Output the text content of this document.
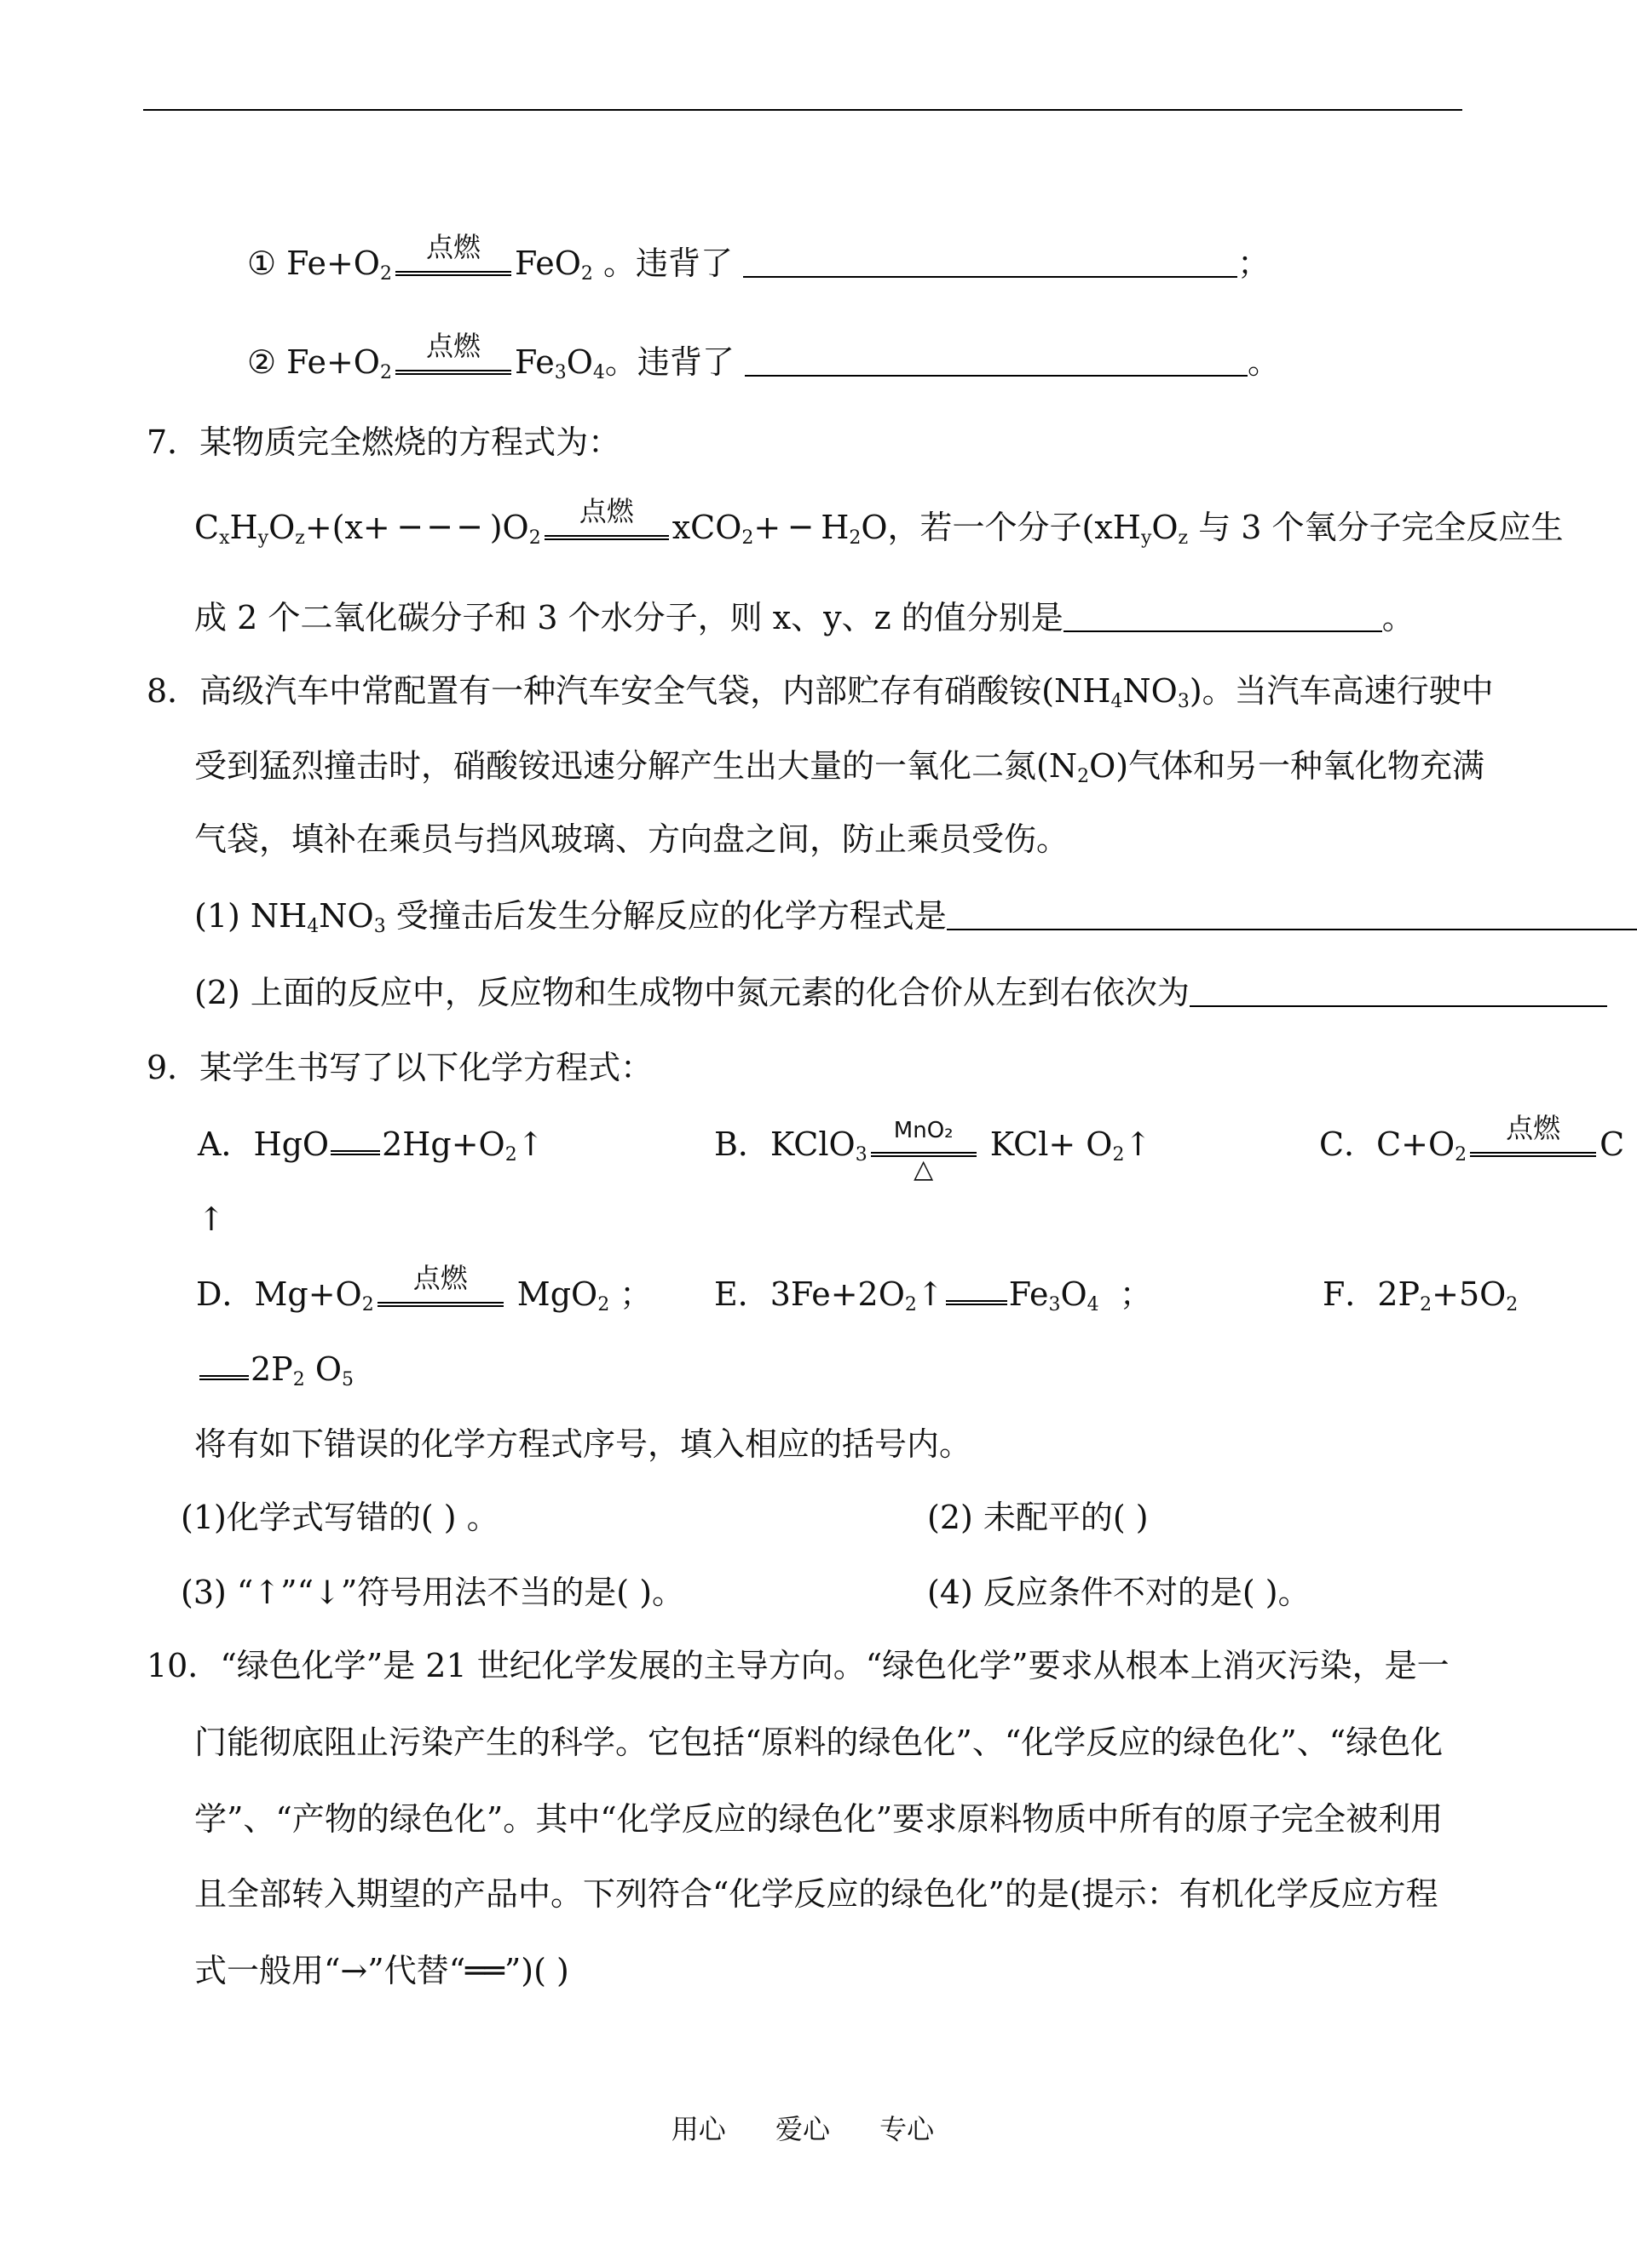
① $Fe+O_2$
点燃	FeO$_2$ 。违背了	；
② $Fe+O_2$
点燃	$Fe_3O_4$。违背了	。
7．某物质完全燃烧的方程式为：
$C_xH_yO_z+(x+$ ─ ─ ─ )$O_2$
点燃	xCO$_2$+ ─ $H_2O$，若一个分子($xH_yO_z$ 与 3 个氧分子完全反应生
成 2 个二氧化碳分子和 3 个水分子，则 x、y、z 的值分别是	。
8．高级汽车中常配置有一种汽车安全气袋，内部贮存有硝酸铵$(NH_4NO_3)$。当汽车高速行驶中
受到猛烈撞击时，硝酸铵迅速分解产生出大量的一氧化二氮$(N_2O)$气体和另一种氧化物充满
气袋，填补在乘员与挡风玻璃、方向盘之间，防止乘员受伤。
(1) $NH_4NO_3$ 受撞击后发生分解反应的化学方程式是
(2) 上面的反应中，反应物和生成物中氮元素的化合价从左到右依次为
9．某学生书写了以下化学方程式：
A．HgO $2Hg+O_2↑$	B．KClO$_3$
MnO₂
△
$KCl+ O_2↑$	C．$C+O_2$
点燃	C
↑
D．$Mg+O_2$
点燃	MgO$_2$ ； E．$3Fe+2O_2↑$ $Fe_3O_4$ ；	F．$2P_2+5O_2$
$2P_2$ $O_5$
将有如下错误的化学方程式序号，填入相应的括号内。
(1)化学式写错的( ) 。	(2) 未配平的( )
(3) “↑”“↓”符号用法不当的是( )。	(4) 反应条件不对的是( )。
10．“绿色化学”是 21 世纪化学发展的主导方向。“绿色化学”要求从根本上消灭污染，是一
门能彻底阻止污染产生的科学。它包括“原料的绿色化”、“化学反应的绿色化”、“绿色化
学”、“产物的绿色化”。其中“化学反应的绿色化”要求原料物质中所有的原子完全被利用
且全部转入期望的产品中。下列符合“化学反应的绿色化”的是(提示：有机化学反应方程
式一般用“→”代替“══”)( )
用心 爱心 专心
